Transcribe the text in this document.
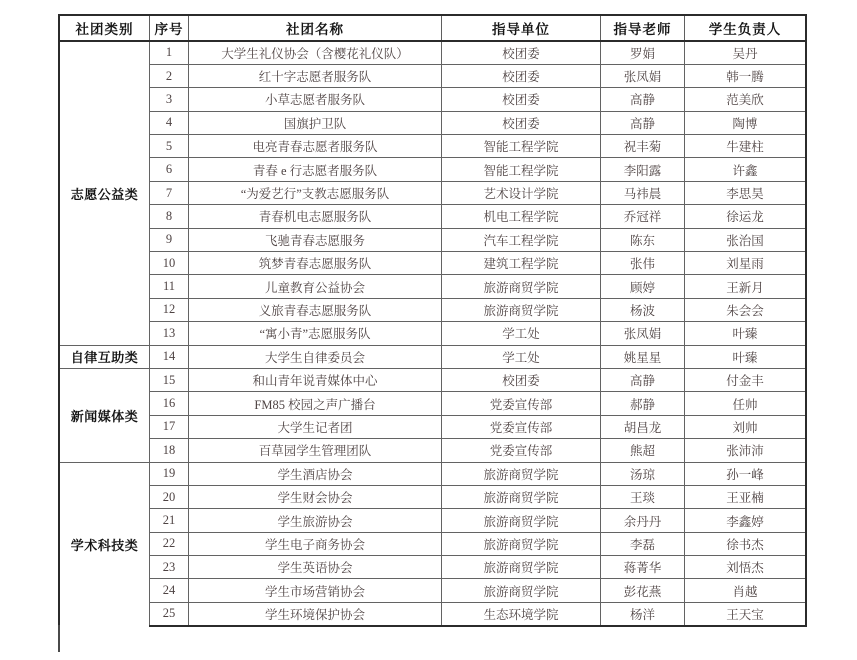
社团类别	序号	社团名称	指导单位	指导老师	学生负责人
志愿公益类	1	大学生礼仪协会（含樱花礼仪队）	校团委	罗娟	吴丹
	2	红十字志愿者服务队	校团委	张凤娟	韩一腾
	3	小草志愿者服务队	校团委	高静	范美欣
	4	国旗护卫队	校团委	高静	陶博
	5	电亮青春志愿者服务队	智能工程学院	祝丰菊	牛建柱
	6	青春 e 行志愿者服务队	智能工程学院	李阳露	许鑫
	7	“为爱艺行”支教志愿服务队	艺术设计学院	马祎晨	李思昊
	8	青春机电志愿服务队	机电工程学院	乔冠祥	徐运龙
	9	飞驰青春志愿服务	汽车工程学院	陈东	张治国
	10	筑梦青春志愿服务队	建筑工程学院	张伟	刘星雨
	11	儿童教育公益协会	旅游商贸学院	顾婷	王新月
	12	义旅青春志愿服务队	旅游商贸学院	杨波	朱会会
	13	“寓小青”志愿服务队	学工处	张凤娟	叶臻
自律互助类	14	大学生自律委员会	学工处	姚星星	叶臻
新闻媒体类	15	和山青年说青媒体中心	校团委	高静	付金丰
	16	FM85 校园之声广播台	党委宣传部	郝静	任帅
	17	大学生记者团	党委宣传部	胡昌龙	刘帅
	18	百草园学生管理团队	党委宣传部	熊超	张沛沛
学术科技类	19	学生酒店协会	旅游商贸学院	汤琼	孙一峰
	20	学生财会协会	旅游商贸学院	王琰	王亚楠
	21	学生旅游协会	旅游商贸学院	余丹丹	李鑫婷
	22	学生电子商务协会	旅游商贸学院	李磊	徐书杰
	23	学生英语协会	旅游商贸学院	蒋菁华	刘悟杰
	24	学生市场营销协会	旅游商贸学院	彭花燕	肖越
	25	学生环境保护协会	生态环境学院	杨洋	王天宝
